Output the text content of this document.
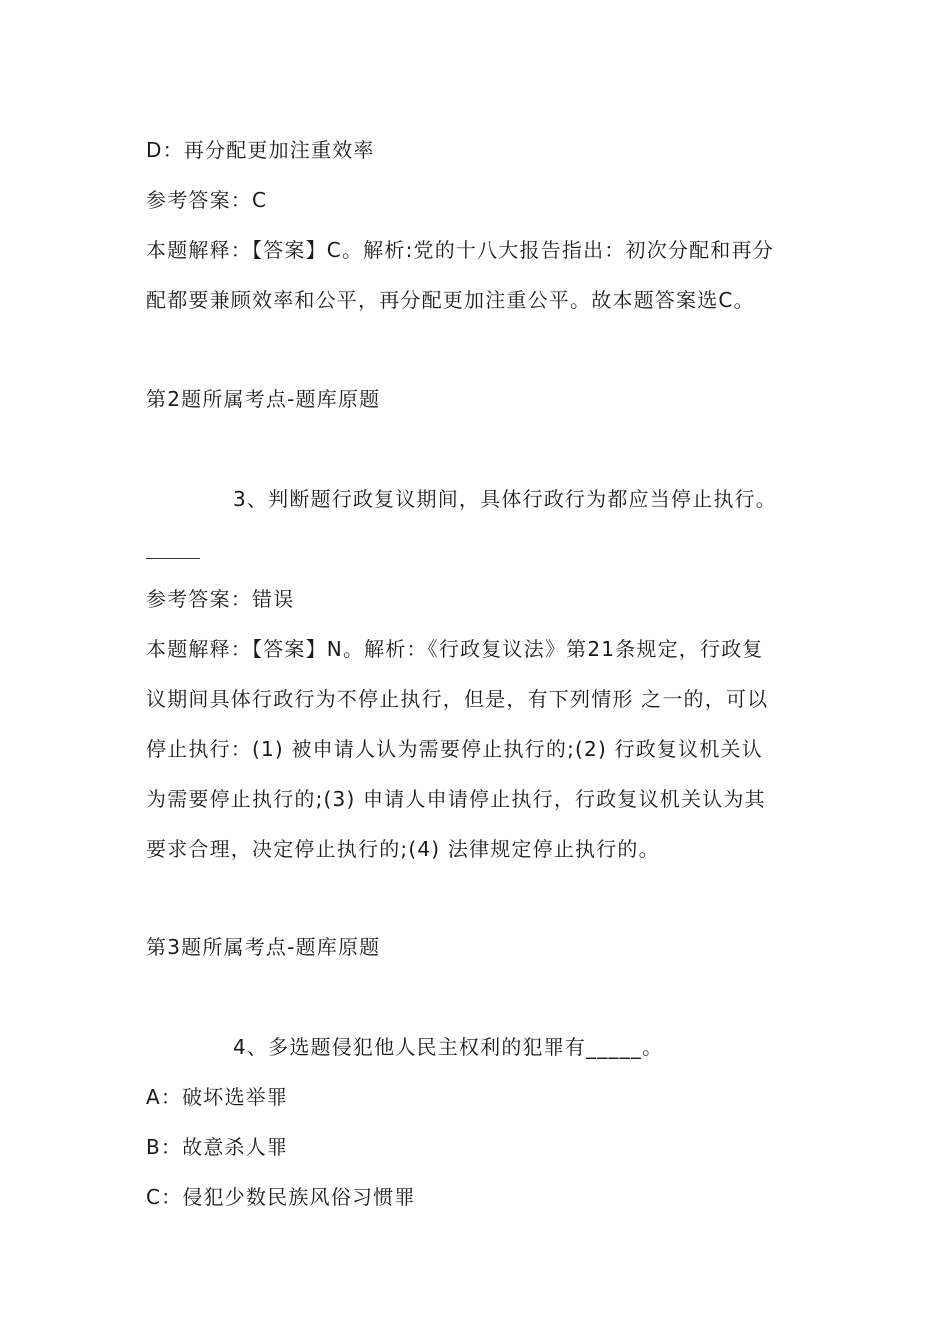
D：再分配更加注重效率
参考答案：C
本题解释：【答案】C。解析:党的十八大报告指出：初次分配和再分
配都要兼顾效率和公平，再分配更加注重公平。故本题答案选C。
第2题所属考点-题库原题
3、判断题行政复议期间，具体行政行为都应当停止执行。
参考答案：错误
本题解释：【答案】N。解析：《行政复议法》第21条规定，行政复
议期间具体行政行为不停止执行，但是，有下列情形 之一的，可以
停止执行：(1) 被申请人认为需要停止执行的;(2) 行政复议机关认
为需要停止执行的;(3) 申请人申请停止执行，行政复议机关认为其
要求合理，决定停止执行的;(4) 法律规定停止执行的。
第3题所属考点-题库原题
4、多选题侵犯他人民主权利的犯罪有_____。
A：破坏选举罪
B：故意杀人罪
C：侵犯少数民族风俗习惯罪
